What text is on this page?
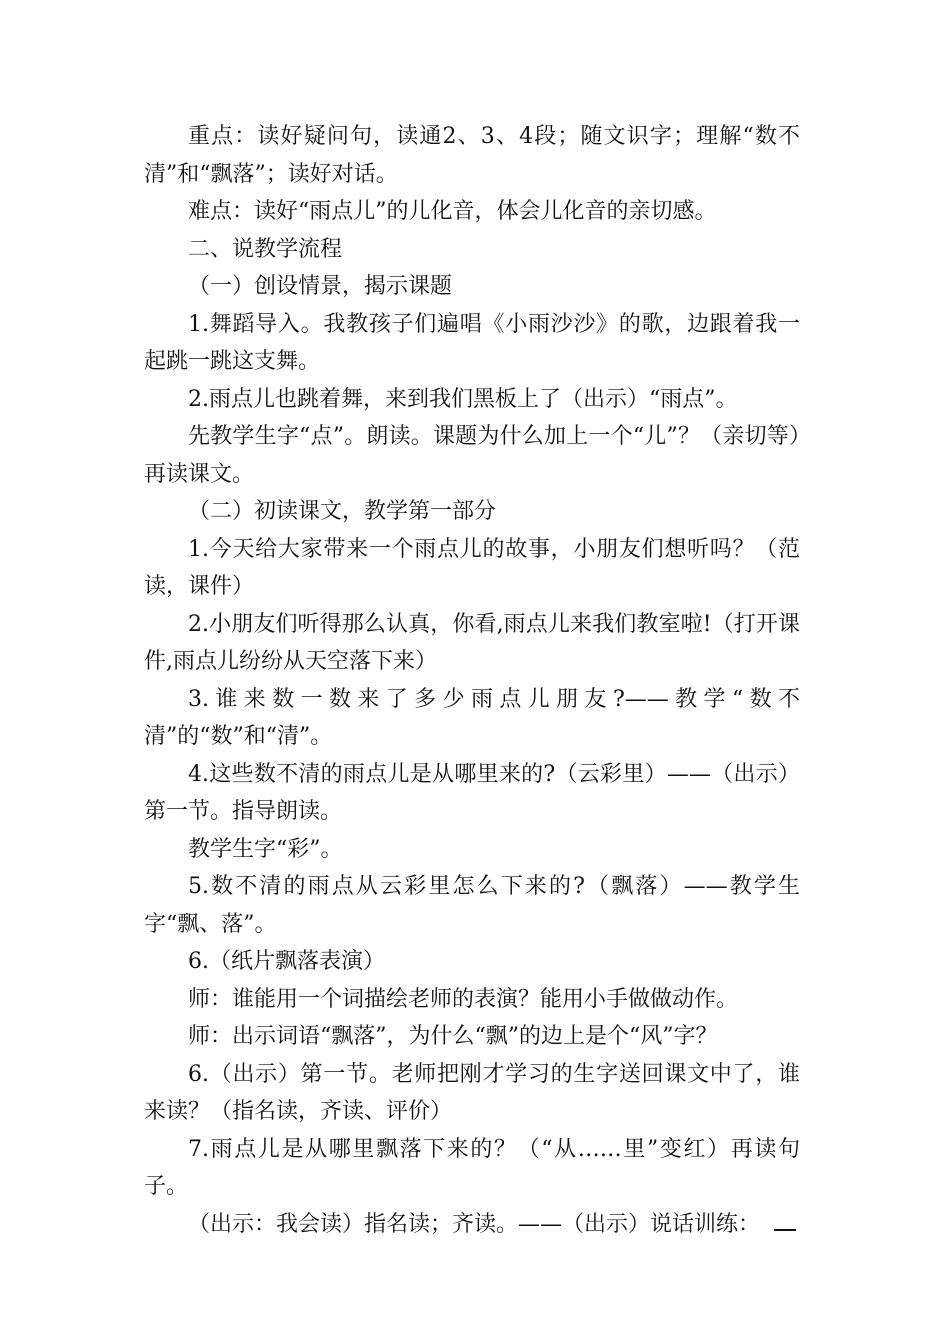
重点：读好疑问句，读通2、3、4段；随文识字；理解“数不清”和“飘落”；读好对话。

难点：读好“雨点儿”的儿化音，体会儿化音的亲切感。

二、说教学流程

（一）创设情景，揭示课题

1.舞蹈导入。我教孩子们遍唱《小雨沙沙》的歌，边跟着我一起跳一跳这支舞。

2.雨点儿也跳着舞，来到我们黑板上了（出示）“雨点”。

先教学生字“点”。朗读。课题为什么加上一个“儿”？（亲切等）再读课文。

（二）初读课文，教学第一部分

1.今天给大家带来一个雨点儿的故事，小朋友们想听吗？（范读，课件）

2.小朋友们听得那么认真，你看,雨点儿来我们教室啦!（打开课件,雨点儿纷纷从天空落下来）

3.谁来数一数来了多少雨点儿朋友?——教学“数不清”的“数”和“清”。

4.这些数不清的雨点儿是从哪里来的?（云彩里）——（出示）第一节。指导朗读。

教学生字“彩”。

5.数不清的雨点从云彩里怎么下来的?（飘落）——教学生字“飘、落”。

6.（纸片飘落表演）

师：谁能用一个词描绘老师的表演？能用小手做做动作。

师：出示词语“飘落”，为什么“飘”的边上是个“风”字？

6.（出示）第一节。老师把刚才学习的生字送回课文中了，谁来读？（指名读，齐读、评价）

7.雨点儿是从哪里飘落下来的？（“从……里”变红）再读句子。

（出示：我会读）指名读；齐读。——（出示）说话训练：
